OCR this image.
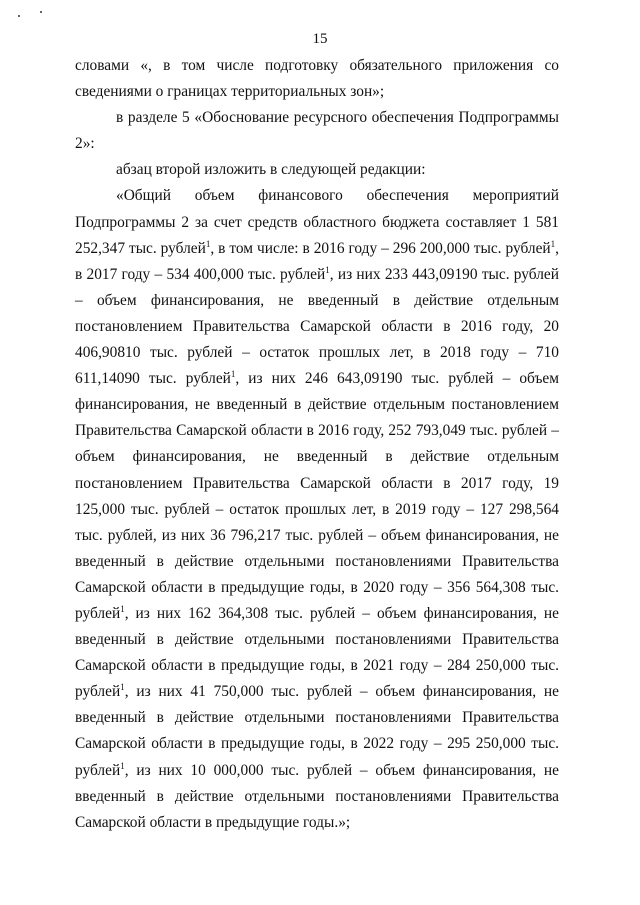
15

словами «, в том числе подготовку обязательного приложения со сведениями о границах территориальных зон»;

в разделе 5 «Обоснование ресурсного обеспечения Подпрограммы 2»:

абзац второй изложить в следующей редакции:

«Общий объем финансового обеспечения мероприятий Подпрограммы 2 за счет средств областного бюджета составляет 1 581 252,347 тыс. рублей$^1$, в том числе: в 2016 году – 296 200,000 тыс. рублей$^1$, в 2017 году – 534 400,000 тыс. рублей$^1$, из них 233 443,09190 тыс. рублей – объем финансирования, не введенный в действие отдельным постановлением Правительства Самарской области в 2016 году, 20 406,90810 тыс. рублей – остаток прошлых лет, в 2018 году – 710 611,14090 тыс. рублей$^1$, из них 246 643,09190 тыс. рублей – объем финансирования, не введенный в действие отдельным постановлением Правительства Самарской области в 2016 году, 252 793,049 тыс. рублей – объем финансирования, не введенный в действие отдельным постановлением Правительства Самарской области в 2017 году, 19 125,000 тыс. рублей – остаток прошлых лет, в 2019 году – 127 298,564 тыс. рублей, из них 36 796,217 тыс. рублей – объем финансирования, не введенный в действие отдельными постановлениями Правительства Самарской области в предыдущие годы, в 2020 году – 356 564,308 тыс. рублей$^1$, из них 162 364,308 тыс. рублей – объем финансирования, не введенный в действие отдельными постановлениями Правительства Самарской области в предыдущие годы, в 2021 году – 284 250,000 тыс. рублей$^1$, из них 41 750,000 тыс. рублей – объем финансирования, не введенный в действие отдельными постановлениями Правительства Самарской области в предыдущие годы, в 2022 году – 295 250,000 тыс. рублей$^1$, из них 10 000,000 тыс. рублей – объем финансирования, не введенный в действие отдельными постановлениями Правительства Самарской области в предыдущие годы.»;
